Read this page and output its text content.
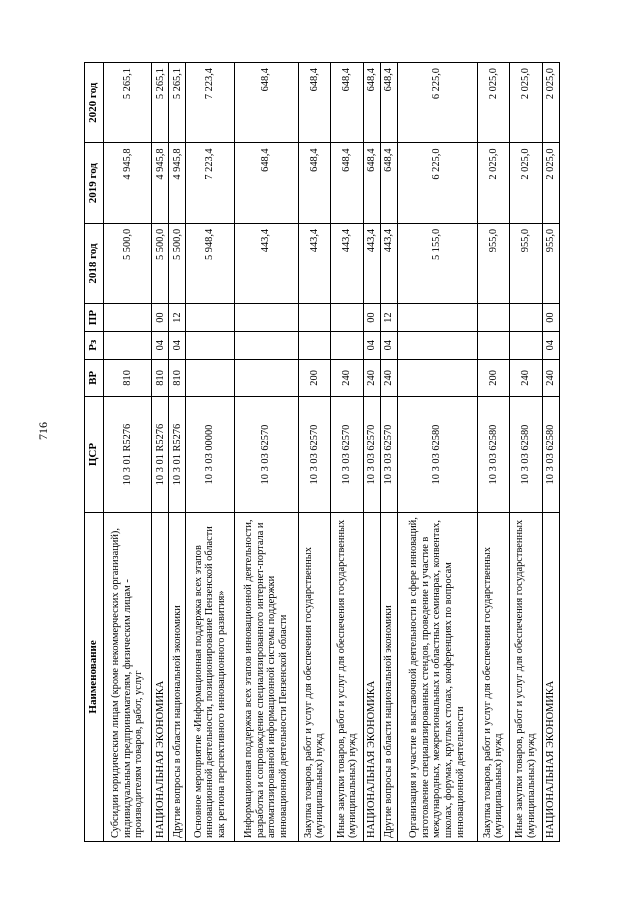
716
Наименование	ЦСР	ВР	Рз	ПР	2018 год	2019 год	2020 год
Субсидии юридическим лицам (кроме некоммерческих организаций), индивидуальным предпринимателям, физическим лицам - производителям товаров, работ, услуг	10 3 01 R5276	810			5 500,0	4 945,8	5 265,1
НАЦИОНАЛЬНАЯ ЭКОНОМИКА	10 3 01 R5276	810	04	00	5 500,0	4 945,8	5 265,1
Другие вопросы в области национальной экономики	10 3 01 R5276	810	04	12	5 500,0	4 945,8	5 265,1
Основное мероприятие «Информационная поддержка всех этапов инновационной деятельности, позиционирование Пензенской области как региона перспективного инновационного развития»	10 3 03 00000				5 948,4	7 223,4	7 223,4
Информационная поддержка всех этапов инновационной деятельности, разработка и сопровождение специализированного интернет-портала и автоматизированной информационной системы поддержки инновационной деятельности Пензенской области	10 3 03 62570				443,4	648,4	648,4
Закупка товаров, работ и услуг для обеспечения государственных (муниципальных) нужд	10 3 03 62570	200			443,4	648,4	648,4
Иные закупки товаров, работ и услуг для обеспечения государственных (муниципальных) нужд	10 3 03 62570	240			443,4	648,4	648,4
НАЦИОНАЛЬНАЯ ЭКОНОМИКА	10 3 03 62570	240	04	00	443,4	648,4	648,4
Другие вопросы в области национальной экономики	10 3 03 62570	240	04	12	443,4	648,4	648,4
Организация и участие в выставочной деятельности в сфере инноваций, изготовление специализированных стендов, проведение и участие в международных, межрегиональных и областных семинарах, конвентах, школах, форумах, круглых столах, конференциях по вопросам инновационной деятельности	10 3 03 62580				5 155,0	6 225,0	6 225,0
Закупка товаров, работ и услуг для обеспечения государственных (муниципальных) нужд	10 3 03 62580	200			955,0	2 025,0	2 025,0
Иные закупки товаров, работ и услуг для обеспечения государственных (муниципальных) нужд	10 3 03 62580	240			955,0	2 025,0	2 025,0
НАЦИОНАЛЬНАЯ ЭКОНОМИКА	10 3 03 62580	240	04	00	955,0	2 025,0	2 025,0
